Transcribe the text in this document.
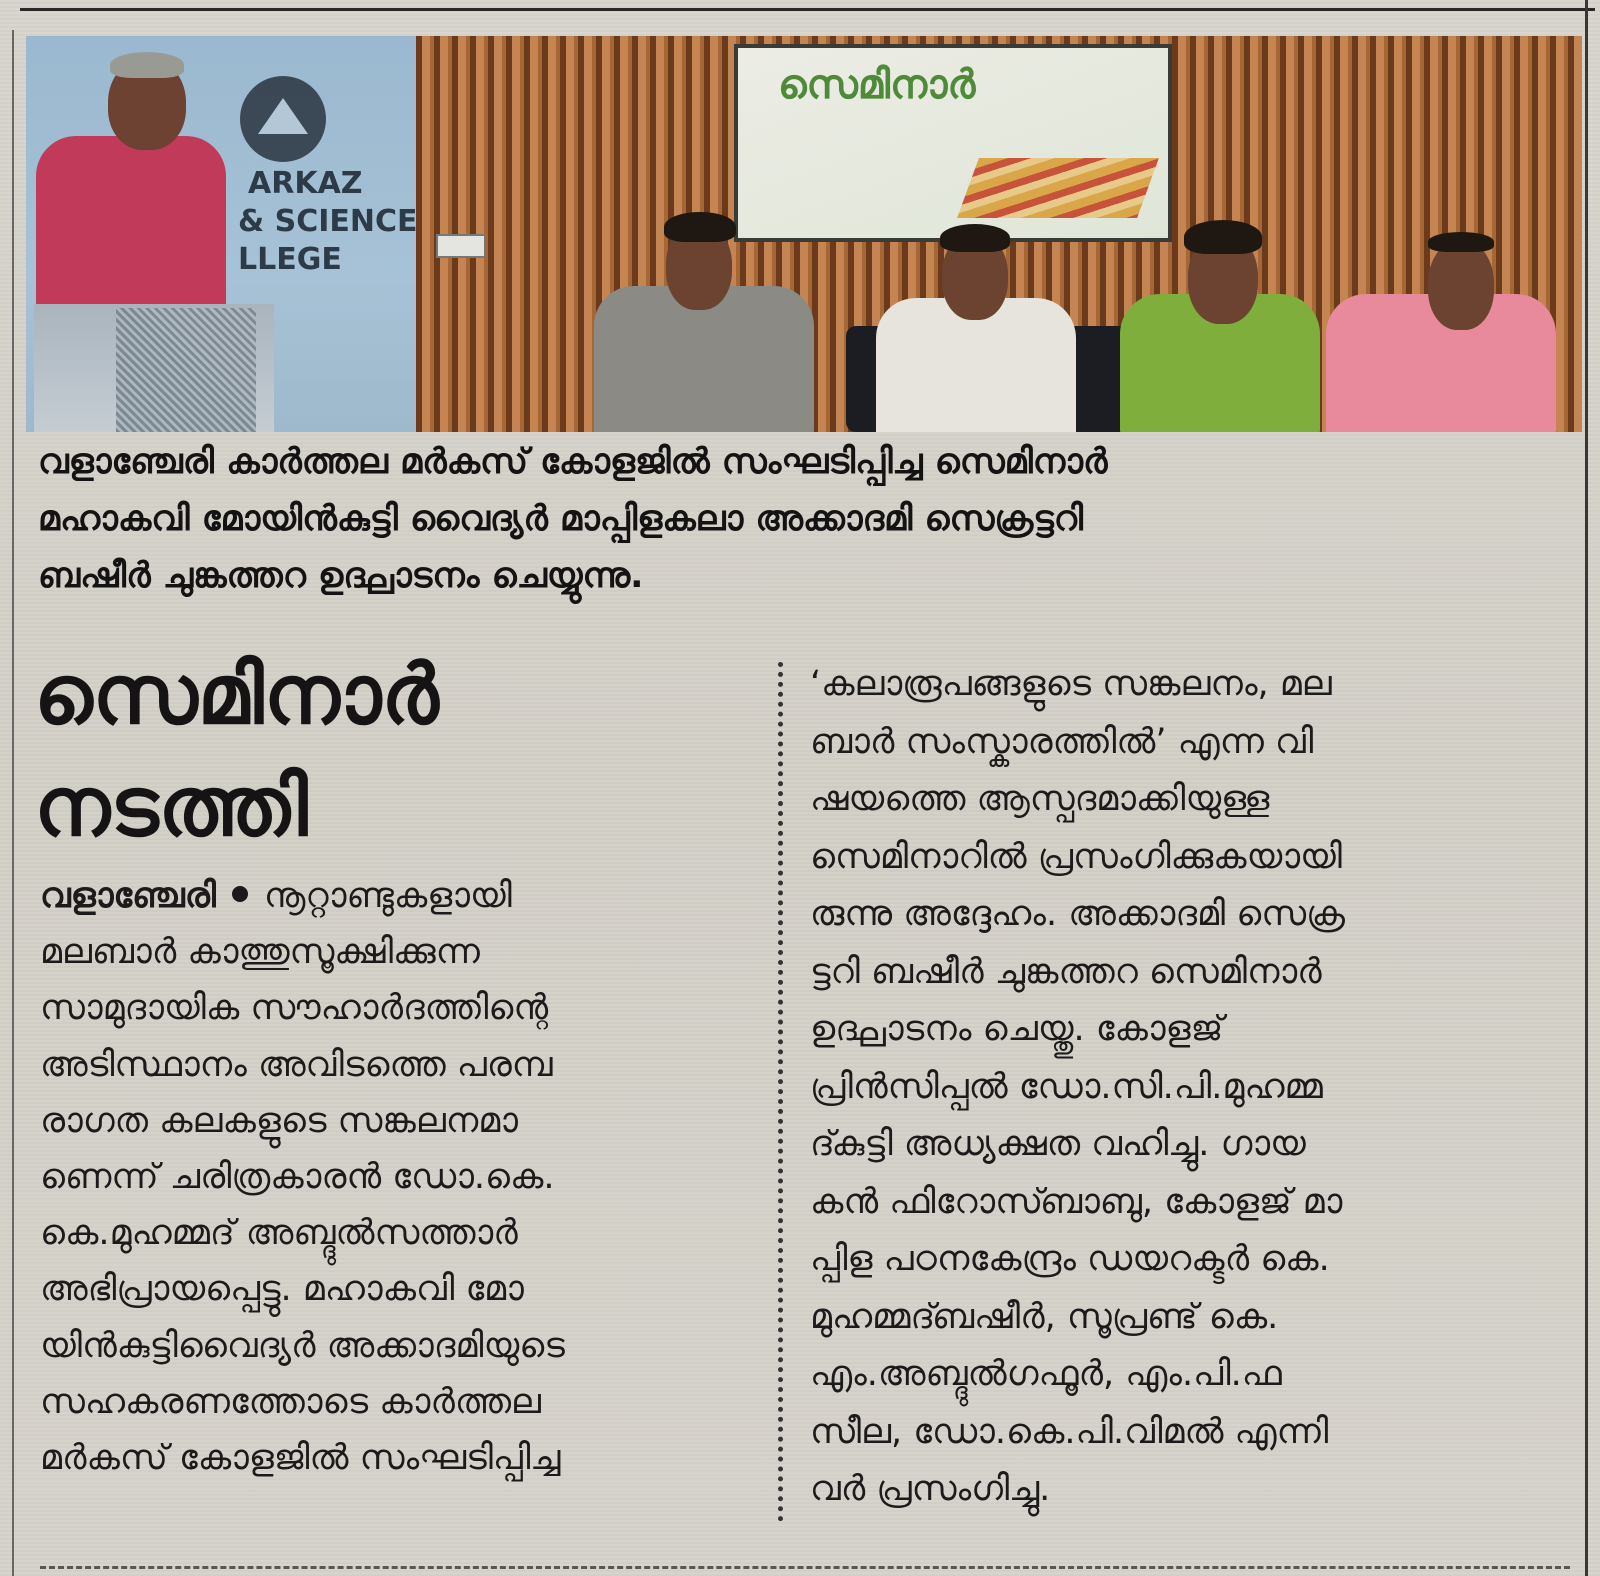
ARKAZ
& SCIENCE
LLEGE
സെമിനാർ
വളാഞ്ചേരി കാർത്തല മർകസ് കോളജിൽ സംഘടിപ്പിച്ച സെമിനാർ
മഹാകവി മോയിൻകുട്ടി വൈദ്യർ മാപ്പിളകലാ അക്കാദമി സെക്രട്ടറി
ബഷീർ ചുങ്കത്തറ ഉദ്ഘാടനം ചെയ്യുന്നു.
സെമിനാർ
നടത്തി
വളാഞ്ചേരി നൂറ്റാണ്ടുകളായി
മലബാർ കാത്തുസൂക്ഷിക്കുന്ന
സാമുദായിക സൗഹാർദത്തിന്റെ
അടിസ്ഥാനം അവിടത്തെ പരമ്പ
രാഗത കലകളുടെ സങ്കലനമാ
ണെന്ന് ചരിത്രകാരൻ ഡോ.കെ.
കെ.മുഹമ്മദ് അബ്ദുൽസത്താർ
അഭിപ്രായപ്പെട്ടു. മഹാകവി മോ
യിൻകുട്ടിവൈദ്യർ അക്കാദമിയുടെ
സഹകരണത്തോടെ കാർത്തല
മർകസ് കോളജിൽ സംഘടിപ്പിച്ച
‘കലാരൂപങ്ങളുടെ സങ്കലനം, മല
ബാർ സംസ്കാരത്തിൽ’ എന്ന വി
ഷയത്തെ ആസ്പദമാക്കിയുള്ള
സെമിനാറിൽ പ്രസംഗിക്കുകയായി
രുന്നു അദ്ദേഹം. അക്കാദമി സെക്ര
ട്ടറി ബഷീർ ചുങ്കത്തറ സെമിനാർ
ഉദ്ഘാടനം ചെയ്തു. കോളജ്
പ്രിൻസിപ്പൽ ഡോ.സി.പി.മുഹമ്മ
ദ്കുട്ടി അധ്യക്ഷത വഹിച്ചു. ഗായ
കൻ ഫിറോസ്ബാബു, കോളജ് മാ
പ്പിള പഠനകേന്ദ്രം ഡയറക്ടർ കെ.
മുഹമ്മദ്ബഷീർ, സൂപ്രണ്ട് കെ.
എം.അബ്ദുൽഗഫൂർ, എം.പി.ഫ
സീല, ഡോ.കെ.പി.വിമൽ എന്നി
വർ പ്രസംഗിച്ചു.
